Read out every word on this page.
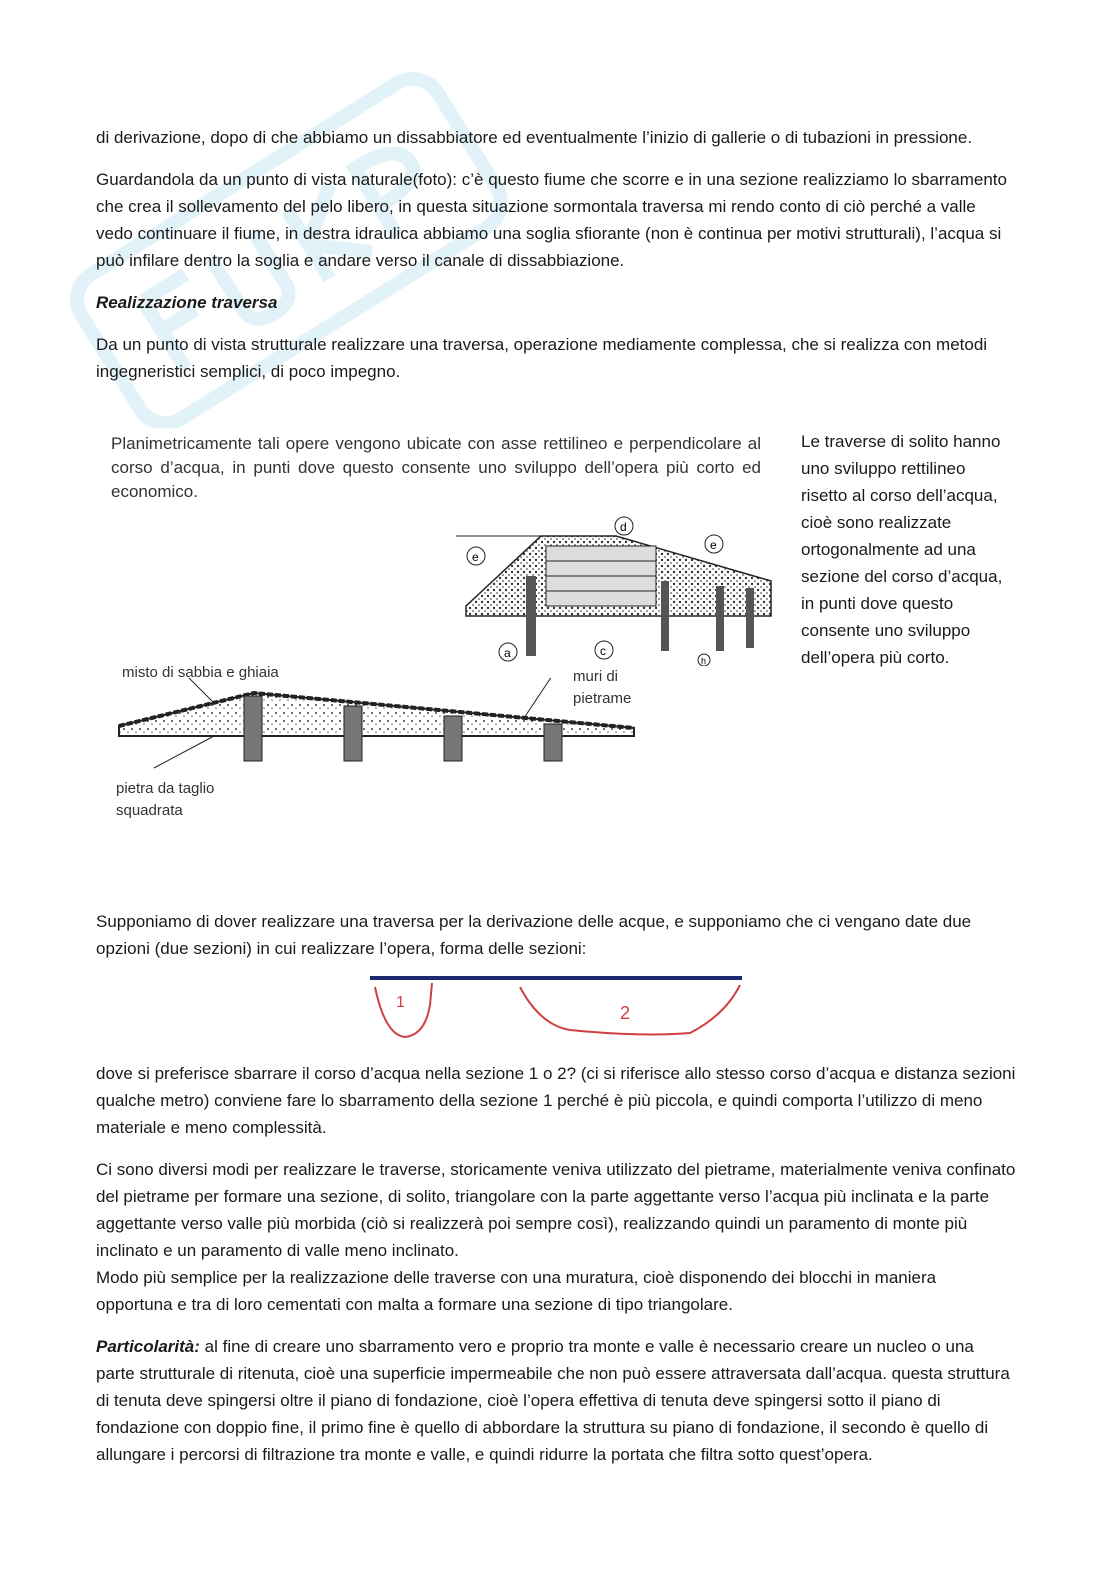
di derivazione, dopo di che abbiamo un dissabbiatore ed eventualmente l’inizio di gallerie o di tubazioni in pressione.

Guardandola da un punto di vista naturale(foto): c’è questo fiume che scorre e in una sezione realizziamo lo sbarramento che crea il sollevamento del pelo libero, in questa situazione sormontala traversa mi rendo conto di ciò perché a valle vedo continuare il fiume, in destra idraulica abbiamo una soglia sfiorante (non è continua per motivi strutturali), l’acqua si può infilare dentro la soglia e andare verso il canale di dissabbiazione.

Realizzazione traversa

Da un punto di vista strutturale realizzare una traversa, operazione mediamente complessa, che si realizza con metodi ingegneristici semplici, di poco impegno.

Planimetricamente tali opere vengono ubicate con asse rettilineo e perpendicolare al corso d’acqua, in punti dove questo consente uno sviluppo dell’opera più corto ed economico.
e
d
e
a	c
h
misto di sabbia e ghiaia	muri di
pietrame
pietra da taglio
squadrata
Le traverse di solito hanno uno sviluppo rettilineo risetto al corso dell’acqua, cioè sono realizzate ortogonalmente ad una sezione del corso d’acqua, in punti dove questo consente uno sviluppo dell’opera più corto.

Supponiamo di dover realizzare una traversa per la derivazione delle acque, e supponiamo che ci vengano date due opzioni (due sezioni) in cui realizzare l’opera, forma delle sezioni:

1
2

dove si preferisce sbarrare il corso d’acqua nella sezione 1 o 2? (ci si riferisce allo stesso corso d’acqua e distanza sezioni qualche metro) conviene fare lo sbarramento della sezione 1 perché è più piccola, e quindi comporta l’utilizzo di meno materiale e meno complessità.

Ci sono diversi modi per realizzare le traverse, storicamente veniva utilizzato del pietrame, materialmente veniva confinato del pietrame per formare una sezione, di solito, triangolare con la parte aggettante verso l’acqua più inclinata e la parte aggettante verso valle più morbida (ciò si realizzerà poi sempre così), realizzando quindi un paramento di monte più inclinato e un paramento di valle meno inclinato.

Modo più semplice per la realizzazione delle traverse con una muratura, cioè disponendo dei blocchi in maniera opportuna e tra di loro cementati con malta a formare una sezione di tipo triangolare.

Particolarità: al fine di creare uno sbarramento vero e proprio tra monte e valle è necessario creare un nucleo o una parte strutturale di ritenuta, cioè una superficie impermeabile che non può essere attraversata dall’acqua. questa struttura di tenuta deve spingersi oltre il piano di fondazione, cioè l’opera effettiva di tenuta deve spingersi sotto il piano di fondazione con doppio fine, il primo fine è quello di abbordare la struttura su piano di fondazione, il secondo è quello di allungare i percorsi di filtrazione tra monte e valle, e quindi ridurre la portata che filtra sotto quest’opera.
